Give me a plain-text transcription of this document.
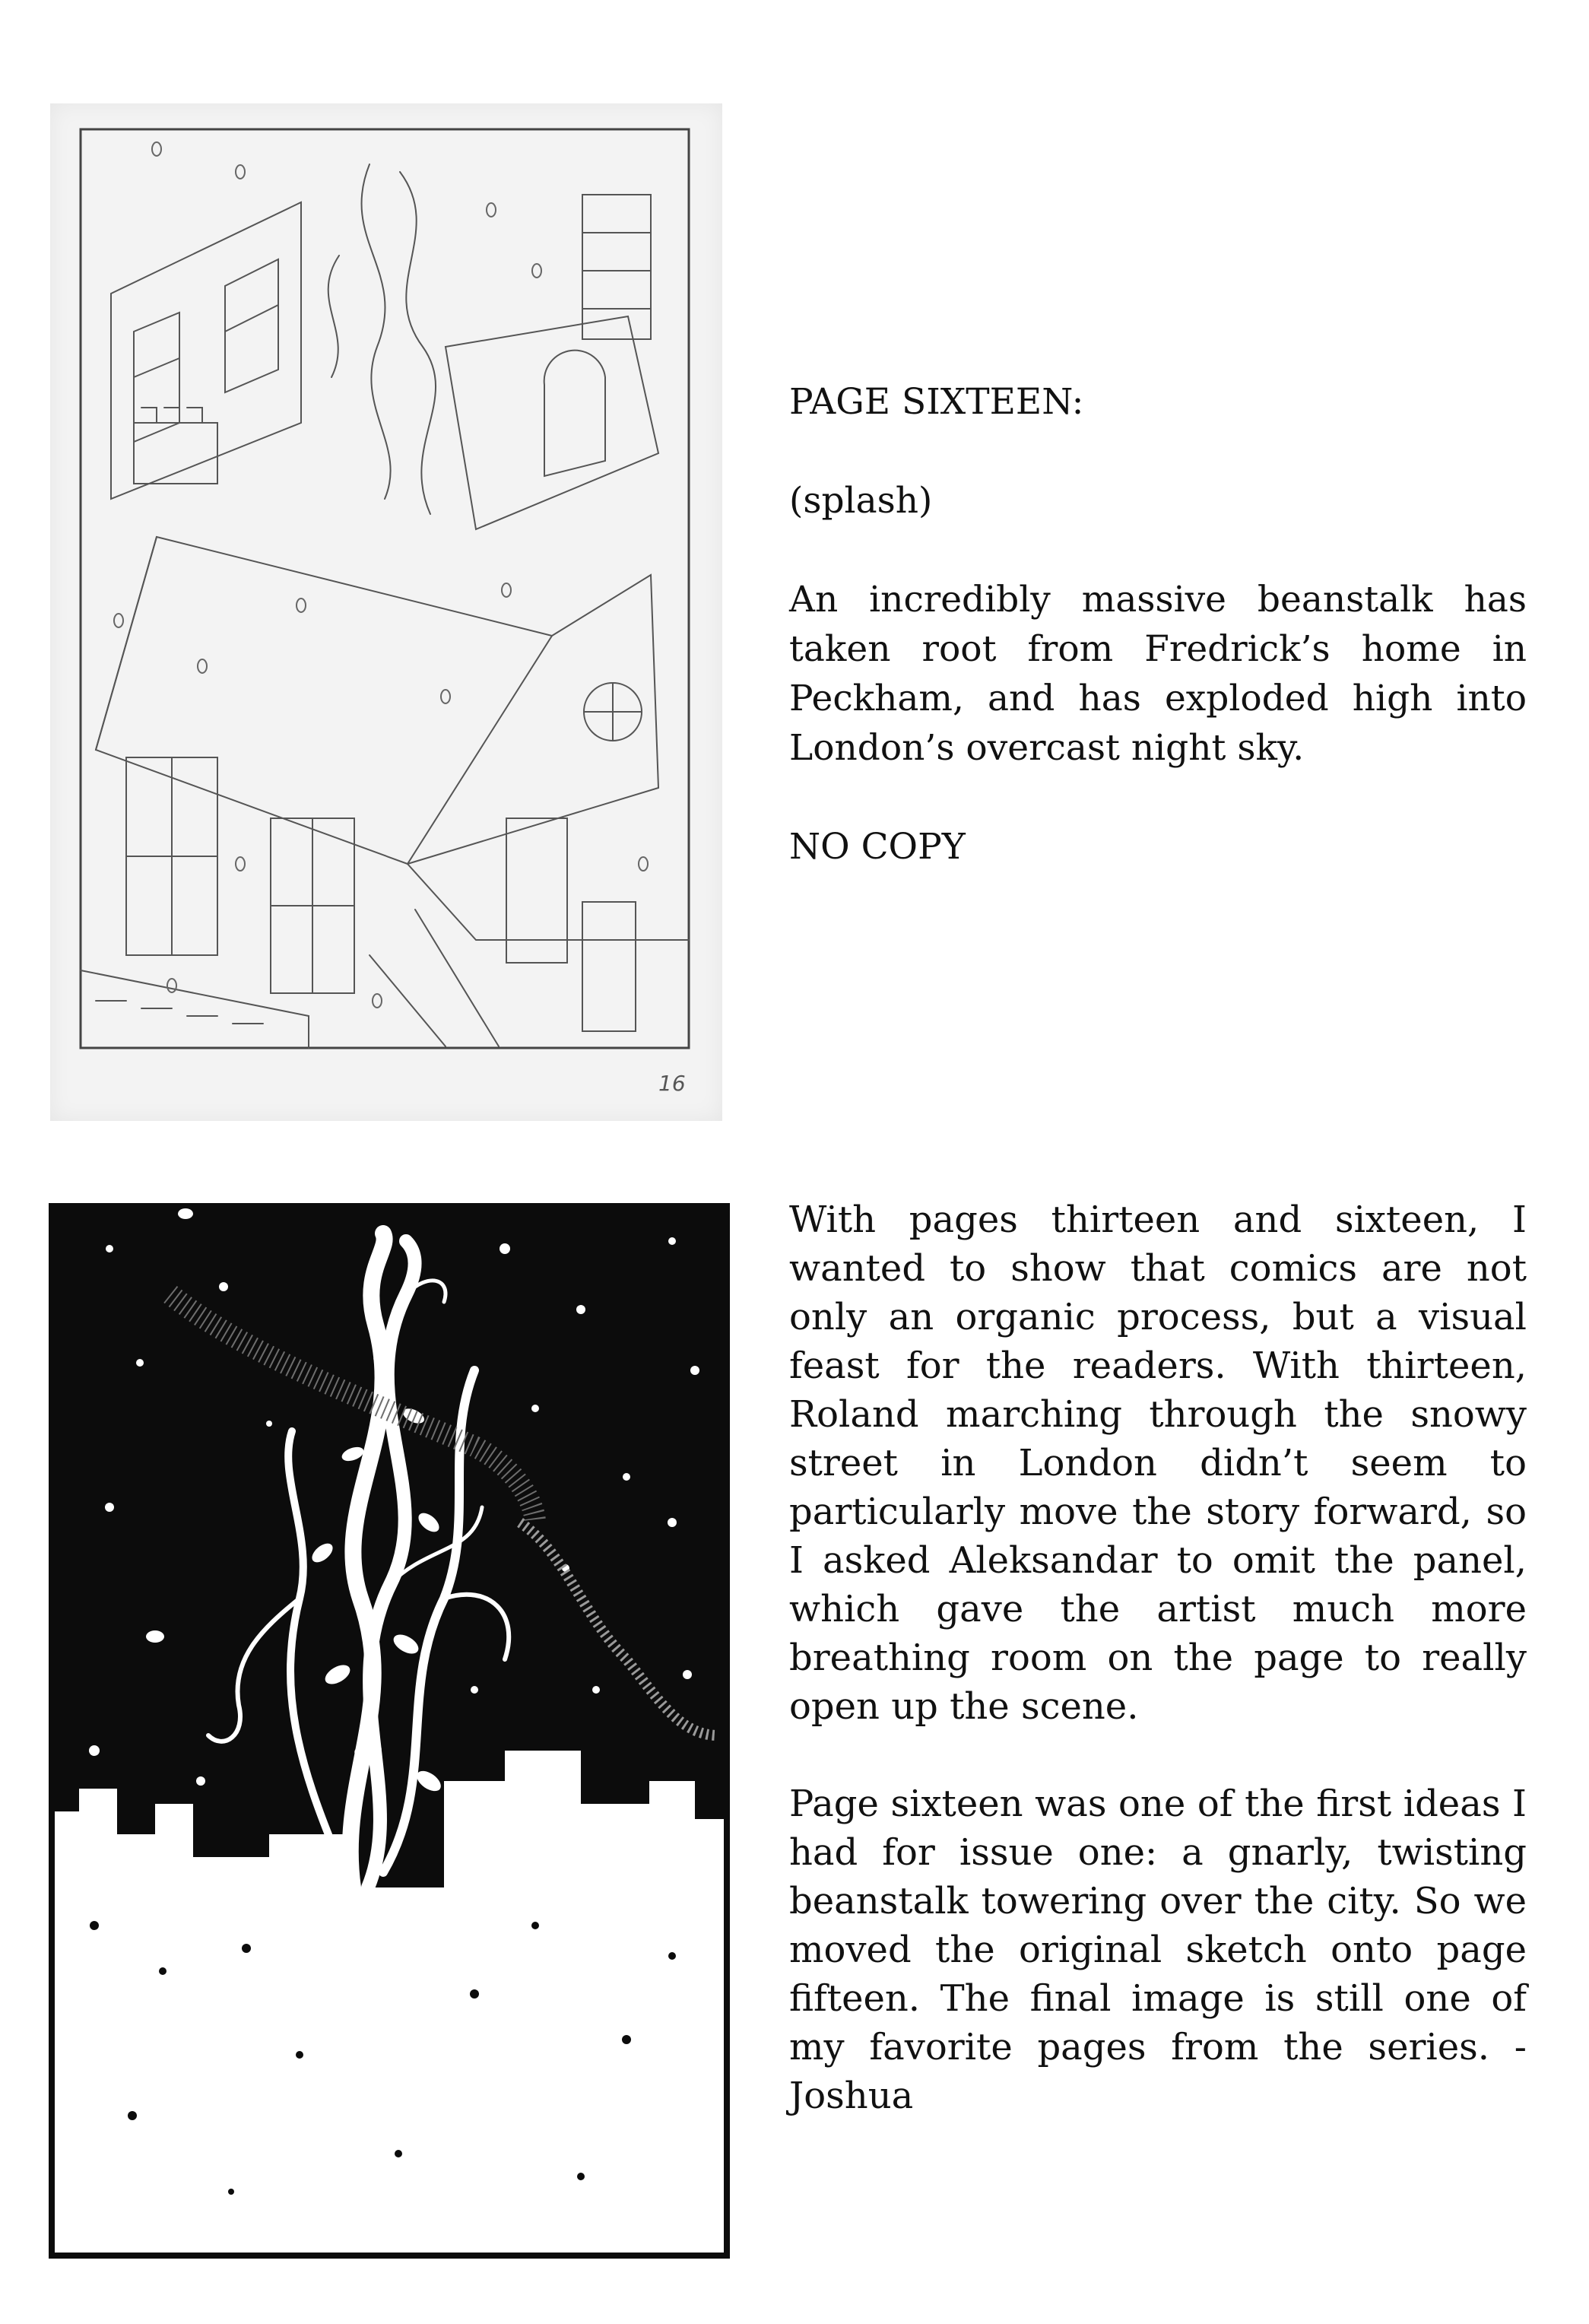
16

PAGE SIXTEEN:

(splash)

An incredibly massive beanstalk has taken root from Fredrick’s home in Peckham, and has exploded high into London’s overcast night sky.

NO COPY

With pages thirteen and sixteen, I wanted to show that comics are not only an organic process, but a visual feast for the readers. With thirteen, Roland marching through the snowy street in London didn’t seem to particularly move the story forward, so I asked Aleksandar to omit the panel, which gave the artist much more breathing room on the page to really open up the scene.

Page sixteen was one of the first ideas I had for issue one: a gnarly, twisting beanstalk towering over the city. So we moved the original sketch onto page fifteen. The final image is still one of my favorite pages from the series. - Joshua
